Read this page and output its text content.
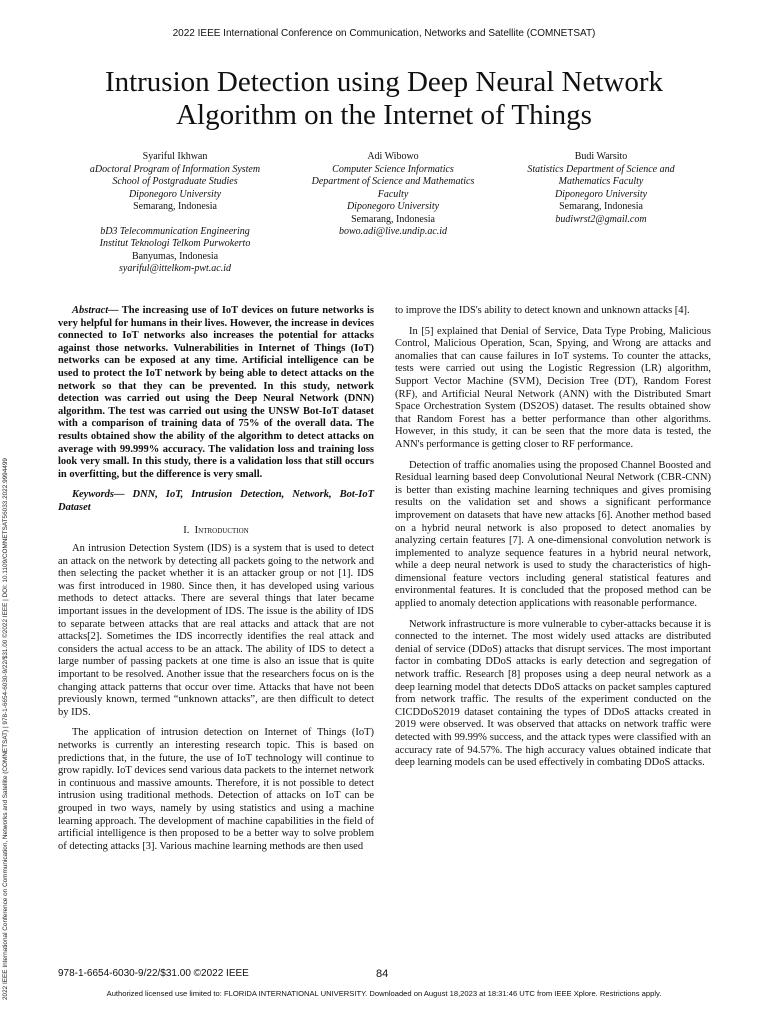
2022 IEEE International Conference on Communication, Networks and Satellite (COMNETSAT)
Intrusion Detection using Deep Neural Network
Algorithm on the Internet of Things
Syariful Ikhwan
aDoctoral Program of Information System
School of Postgraduate Studies
Diponegoro University
Semarang, Indonesia
bD3 Telecommunication Engineering
Institut Teknologi Telkom Purwokerto
Banyumas, Indonesia
syariful@ittelkom-pwt.ac.id
Adi Wibowo
Computer Science Informatics
Department of Science and Mathematics
Faculty
Diponegoro University
Semarang, Indonesia
bowo.adi@live.undip.ac.id
Budi Warsito
Statistics Department of Science and
Mathematics Faculty
Diponegoro University
Semarang, Indonesia
budiwrst2@gmail.com
2022 IEEE International Conference on Communication, Networks and Satellite (COMNETSAT) | 978-1-6654-6030-9/22/$31.00 ©2022 IEEE | DOI: 10.1109/COMNETSAT56033.2022.9994499

Abstract— The increasing use of IoT devices on future networks is very helpful for humans in their lives. However, the increase in devices connected to IoT networks also increases the potential for attacks against those networks. Vulnerabilities in Internet of Things (IoT) networks can be exposed at any time. Artificial intelligence can be used to protect the IoT network by being able to detect attacks on the network so that they can be prevented. In this study, network detection was carried out using the Deep Neural Network (DNN) algorithm. The test was carried out using the UNSW Bot-IoT dataset with a comparison of training data of 75% of the overall data. The results obtained show the ability of the algorithm to detect attacks on average with 99.999% accuracy. The validation loss and training loss look very small. In this study, there is a validation loss that still occurs in overfitting, but the difference is very small.

Keywords— DNN, IoT, Intrusion Detection, Network, Bot-IoT Dataset

I. Introduction

An intrusion Detection System (IDS) is a system that is used to detect an attack on the network by detecting all packets going to the network and then selecting the packet whether it is an attacker group or not [1]. IDS was first introduced in 1980. Since then, it has developed using various methods to detect attacks. There are several things that later became important issues in the development of IDS. The issue is the ability of IDS to separate between attacks that are real attacks and attack that are not attacks[2]. Sometimes the IDS incorrectly identifies the real attack and considers the actual access to be an attack. The ability of IDS to detect a large number of passing packets at one time is also an issue that is quite important to be resolved. Another issue that the researchers focus on is the changing attack patterns that occur over time. Attacks that have not been previously known, termed “unknown attacks”, are then difficult to detect by IDS.

The application of intrusion detection on Internet of Things (IoT) networks is currently an interesting research topic. This is based on predictions that, in the future, the use of IoT technology will continue to grow rapidly. IoT devices send various data packets to the internet network in continuous and massive amounts. Therefore, it is not possible to detect intrusion using traditional methods. Detection of attacks on IoT can be grouped in two ways, namely by using statistics and using a machine learning approach. The development of machine capabilities in the field of artificial intelligence is then proposed to be a better way to solve problem of detecting attacks [3]. Various machine learning methods are then used

to improve the IDS's ability to detect known and unknown attacks [4].

In [5] explained that Denial of Service, Data Type Probing, Malicious Control, Malicious Operation, Scan, Spying, and Wrong are attacks and anomalies that can cause failures in IoT systems. To counter the attacks, tests were carried out using the Logistic Regression (LR) algorithm, Support Vector Machine (SVM), Decision Tree (DT), Random Forest (RF), and Artificial Neural Network (ANN) with the Distributed Smart Space Orchestration System (DS2OS) dataset. The results obtained show that Random Forest has a better performance than other algorithms. However, in this study, it can be seen that the more data is tested, the ANN's performance is getting closer to RF performance.

Detection of traffic anomalies using the proposed Channel Boosted and Residual learning based deep Convolutional Neural Network (CBR-CNN) is better than existing machine learning techniques and gives promising results on the validation set and shows a significant performance improvement on datasets that have new attacks [6]. Another method based on a hybrid neural network is also proposed to detect anomalies by analyzing certain features [7]. A one-dimensional convolution network is implemented to analyze sequence features in a hybrid neural network, while a deep neural network is used to study the characteristics of high-dimensional feature vectors including general statistical features and environmental features. It is concluded that the proposed method can be applied to anomaly detection applications with reasonable performance.

Network infrastructure is more vulnerable to cyber-attacks because it is connected to the internet. The most widely used attacks are distributed denial of service (DDoS) attacks that disrupt services. The most important factor in combating DDoS attacks is early detection and segregation of network traffic. Research [8] proposes using a deep neural network as a deep learning model that detects DDoS attacks on packet samples captured from network traffic. The results of the experiment conducted on the CICDDoS2019 dataset containing the types of DDoS attacks created in 2019 were observed. It was observed that attacks on network traffic were detected with 99.99% success, and the attack types were classified with an accuracy rate of 94.57%. The high accuracy values obtained indicate that deep learning models can be used effectively in combating DDoS attacks.

978-1-6654-6030-9/22/$31.00 ©2022 IEEE	84
Authorized licensed use limited to: FLORIDA INTERNATIONAL UNIVERSITY. Downloaded on August 18,2023 at 18:31:46 UTC from IEEE Xplore. Restrictions apply.
